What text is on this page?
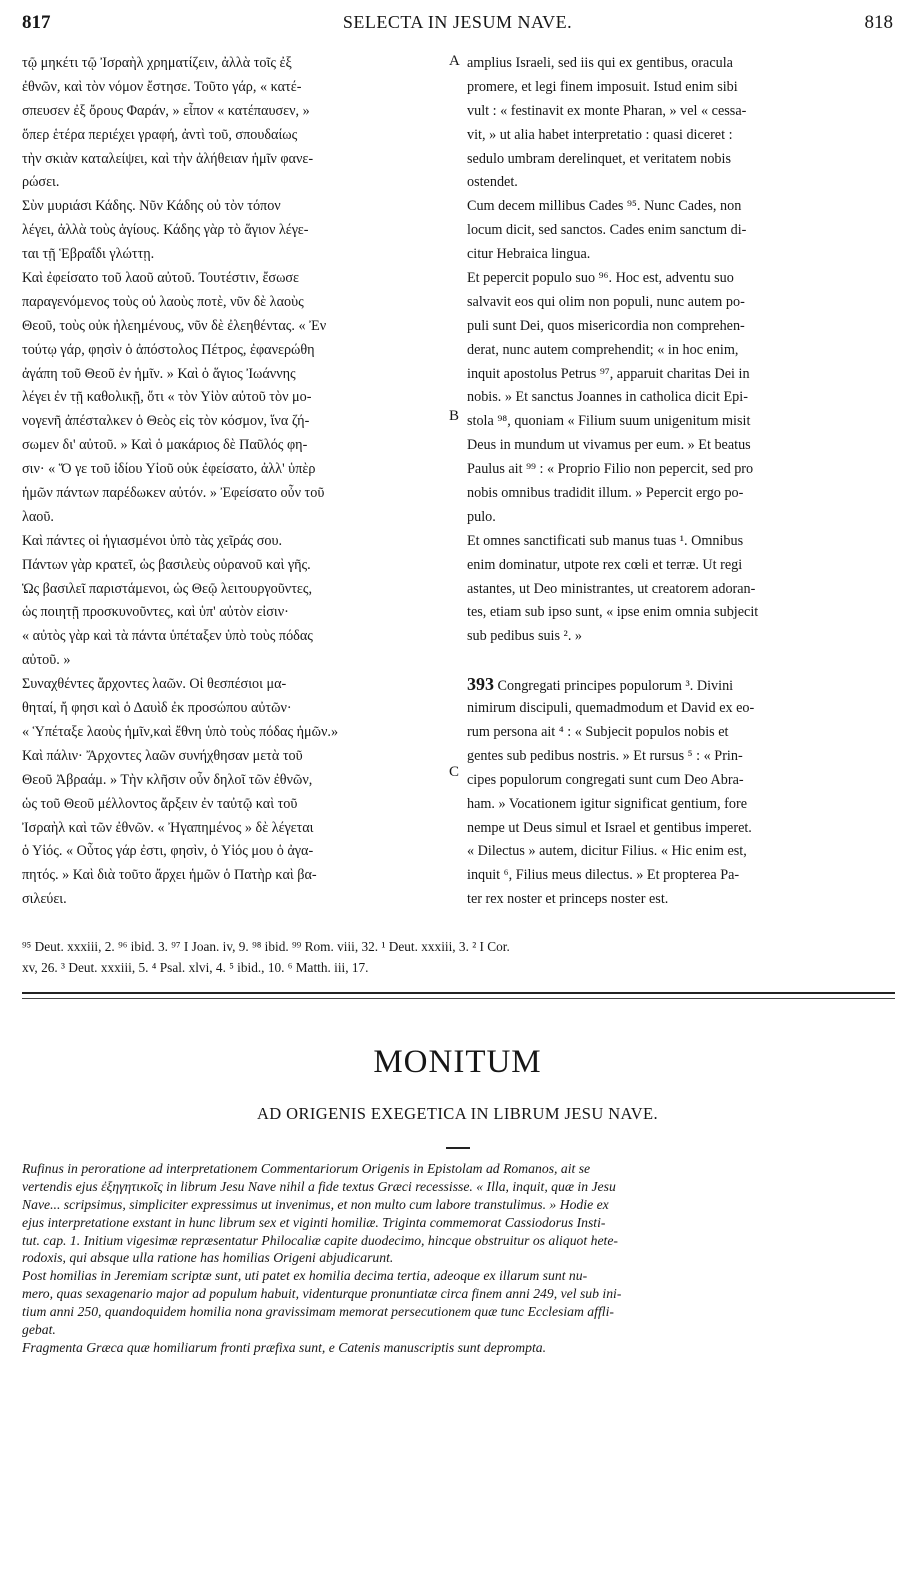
817	SELECTA IN JESUM NAVE.	818
τῷ μηκέτι τῷ Ἰσραὴλ χρηματίζειν, ἀλλὰ τοῖς ἐξ
ἐθνῶν, καὶ τὸν νόμον ἔστησε. Τοῦτο γάρ, « κατέ-
σπευσεν ἐξ ὄρους Φαράν, » εἶπον « κατέπαυσεν, »
ὅπερ ἑτέρα περιέχει γραφή, ἀντὶ τοῦ, σπουδαίως
τὴν σκιὰν καταλείψει, καὶ τὴν ἀλήθειαν ἡμῖν φανε-
ρώσει.
Σὺν μυριάσι Κάδης. Νῦν Κάδης οὐ τὸν τόπον
λέγει, ἀλλὰ τοὺς ἁγίους. Κάδης γὰρ τὸ ἅγιον λέγε-
ται τῇ Ἑβραΐδι γλώττῃ.
Καὶ ἐφείσατο τοῦ λαοῦ αὐτοῦ. Τουτέστιν, ἔσωσε
παραγενόμενος τοὺς οὐ λαοὺς ποτὲ, νῦν δὲ λαοὺς
Θεοῦ, τοὺς οὐκ ἠλεημένους, νῦν δὲ ἐλεηθέντας. « Ἐν
τούτῳ γάρ, φησὶν ὁ ἀπόστολος Πέτρος, ἐφανερώθη
ἀγάπη τοῦ Θεοῦ ἐν ἡμῖν. » Καὶ ὁ ἅγιος Ἰωάννης
λέγει ἐν τῇ καθολικῇ, ὅτι « τὸν Υἱὸν αὐτοῦ τὸν μο-
νογενῆ ἀπέσταλκεν ὁ Θεὸς εἰς τὸν κόσμον, ἵνα ζή-
σωμεν δι' αὐτοῦ. » Καὶ ὁ μακάριος δὲ Παῦλός φη-
σιν· « Ὅ γε τοῦ ἰδίου Υἱοῦ οὐκ ἐφείσατο, ἀλλ' ὑπὲρ
ἡμῶν πάντων παρέδωκεν αὐτόν. » Ἐφείσατο οὖν τοῦ
λαοῦ.
Καὶ πάντες οἱ ἡγιασμένοι ὑπὸ τὰς χεῖράς σου.
Πάντων γὰρ κρατεῖ, ὡς βασιλεὺς οὐρανοῦ καὶ γῆς.
Ὡς βασιλεῖ παριστάμενοι, ὡς Θεῷ λειτουργοῦντες,
ὡς ποιητῇ προσκυνοῦντες, καὶ ὑπ' αὐτὸν εἰσιν·
« αὐτὸς γὰρ καὶ τὰ πάντα ὑπέταξεν ὑπὸ τοὺς πόδας
αὐτοῦ. »
Συναχθέντες ἄρχοντες λαῶν. Οἱ θεσπέσιοι μα-
θηταί, ἤ φησι καὶ ὁ Δαυὶδ ἐκ προσώπου αὐτῶν·
« Ὑπέταξε λαοὺς ἡμῖν,καὶ ἔθνη ὑπὸ τοὺς πόδας ἡμῶν.»
Καὶ πάλιν· Ἄρχοντες λαῶν συνήχθησαν μετὰ τοῦ
Θεοῦ Ἀβραάμ. » Τὴν κλῆσιν οὖν δηλοῖ τῶν ἐθνῶν,
ὡς τοῦ Θεοῦ μέλλοντος ἄρξειν ἐν ταὐτῷ καὶ τοῦ
Ἰσραὴλ καὶ τῶν ἐθνῶν. « Ἠγαπημένος » δὲ λέγεται
ὁ Υἱός. « Οὗτος γάρ ἐστι, φησὶν, ὁ Υἱός μου ὁ ἀγα-
πητός. » Καὶ διὰ τοῦτο ἄρχει ἡμῶν ὁ Πατὴρ καὶ βα-
σιλεύει.
amplius Israeli, sed iis qui ex gentibus, oracula
promere, et legi finem imposuit. Istud enim sibi
vult : « festinavit ex monte Pharan, » vel « cessa-
vit, » ut alia habet interpretatio : quasi diceret :
sedulo umbram derelinquet, et veritatem nobis
ostendet.
Cum decem millibus Cades ⁹⁵. Nunc Cades, non
locum dicit, sed sanctos. Cades enim sanctum di-
citur Hebraica lingua.
Et pepercit populo suo ⁹⁶. Hoc est, adventu suo
salvavit eos qui olim non populi, nunc autem po-
puli sunt Dei, quos misericordia non comprehen-
derat, nunc autem comprehendit; « in hoc enim,
inquit apostolus Petrus ⁹⁷, apparuit charitas Dei in
nobis. » Et sanctus Joannes in catholica dicit Epi-
stola ⁹⁸, quoniam « Filium suum unigenitum misit
Deus in mundum ut vivamus per eum. » Et beatus
Paulus ait ⁹⁹ : « Proprio Filio non pepercit, sed pro
nobis omnibus tradidit illum. » Pepercit ergo po-
pulo.
Et omnes sanctificati sub manus tuas ¹. Omnibus
enim dominatur, utpote rex cœli et terræ. Ut regi
astantes, ut Deo ministrantes, ut creatorem adoran-
tes, etiam sub ipso sunt, « ipse enim omnia subjecit
sub pedibus suis ². »
393 Congregati principes populorum ³. Divini
nimirum discipuli, quemadmodum et David ex eo-
rum persona ait ⁴ : « Subjecit populos nobis et
gentes sub pedibus nostris. » Et rursus ⁵ : « Prin-
cipes populorum congregati sunt cum Deo Abra-
ham. » Vocationem igitur significat gentium, fore
nempe ut Deus simul et Israel et gentibus imperet.
« Dilectus » autem, dicitur Filius. « Hic enim est,
inquit ⁶, Filius meus dilectus. » Et propterea Pa-
ter rex noster et princeps noster est.
A
B
C
⁹⁵ Deut. xxxiii, 2. ⁹⁶ ibid. 3. ⁹⁷ I Joan. iv, 9. ⁹⁸ ibid. ⁹⁹ Rom. viii, 32. ¹ Deut. xxxiii, 3. ² I Cor.
xv, 26. ³ Deut. xxxiii, 5. ⁴ Psal. xlvi, 4. ⁵ ibid., 10. ⁶ Matth. iii, 17.
MONITUM
AD ORIGENIS EXEGETICA IN LIBRUM JESU NAVE.
Rufinus in peroratione ad interpretationem Commentariorum Origenis in Epistolam ad Romanos, ait se
vertendis ejus ἐξηγητικοῖς in librum Jesu Nave nihil a fide textus Græci recessisse. « Illa, inquit, quæ in Jesu
Nave... scripsimus, simpliciter expressimus ut invenimus, et non multo cum labore transtulimus. » Hodie ex
ejus interpretatione exstant in hunc librum sex et viginti homiliæ. Triginta commemorat Cassiodorus Insti-
tut. cap. 1. Initium vigesimæ repræsentatur Philocaliæ capite duodecimo, hincque obstruitur os aliquot hete-
rodoxis, qui absque ulla ratione has homilias Origeni abjudicarunt.
Post homilias in Jeremiam scriptæ sunt, uti patet ex homilia decima tertia, adeoque ex illarum sunt nu-
mero, quas sexagenario major ad populum habuit, videnturque pronuntiatæ circa finem anni 249, vel sub ini-
tium anni 250, quandoquidem homilia nona gravissimam memorat persecutionem quæ tunc Ecclesiam affli-
gebat.
Fragmenta Græca quæ homiliarum fronti præfixa sunt, e Catenis manuscriptis sunt deprompta.
